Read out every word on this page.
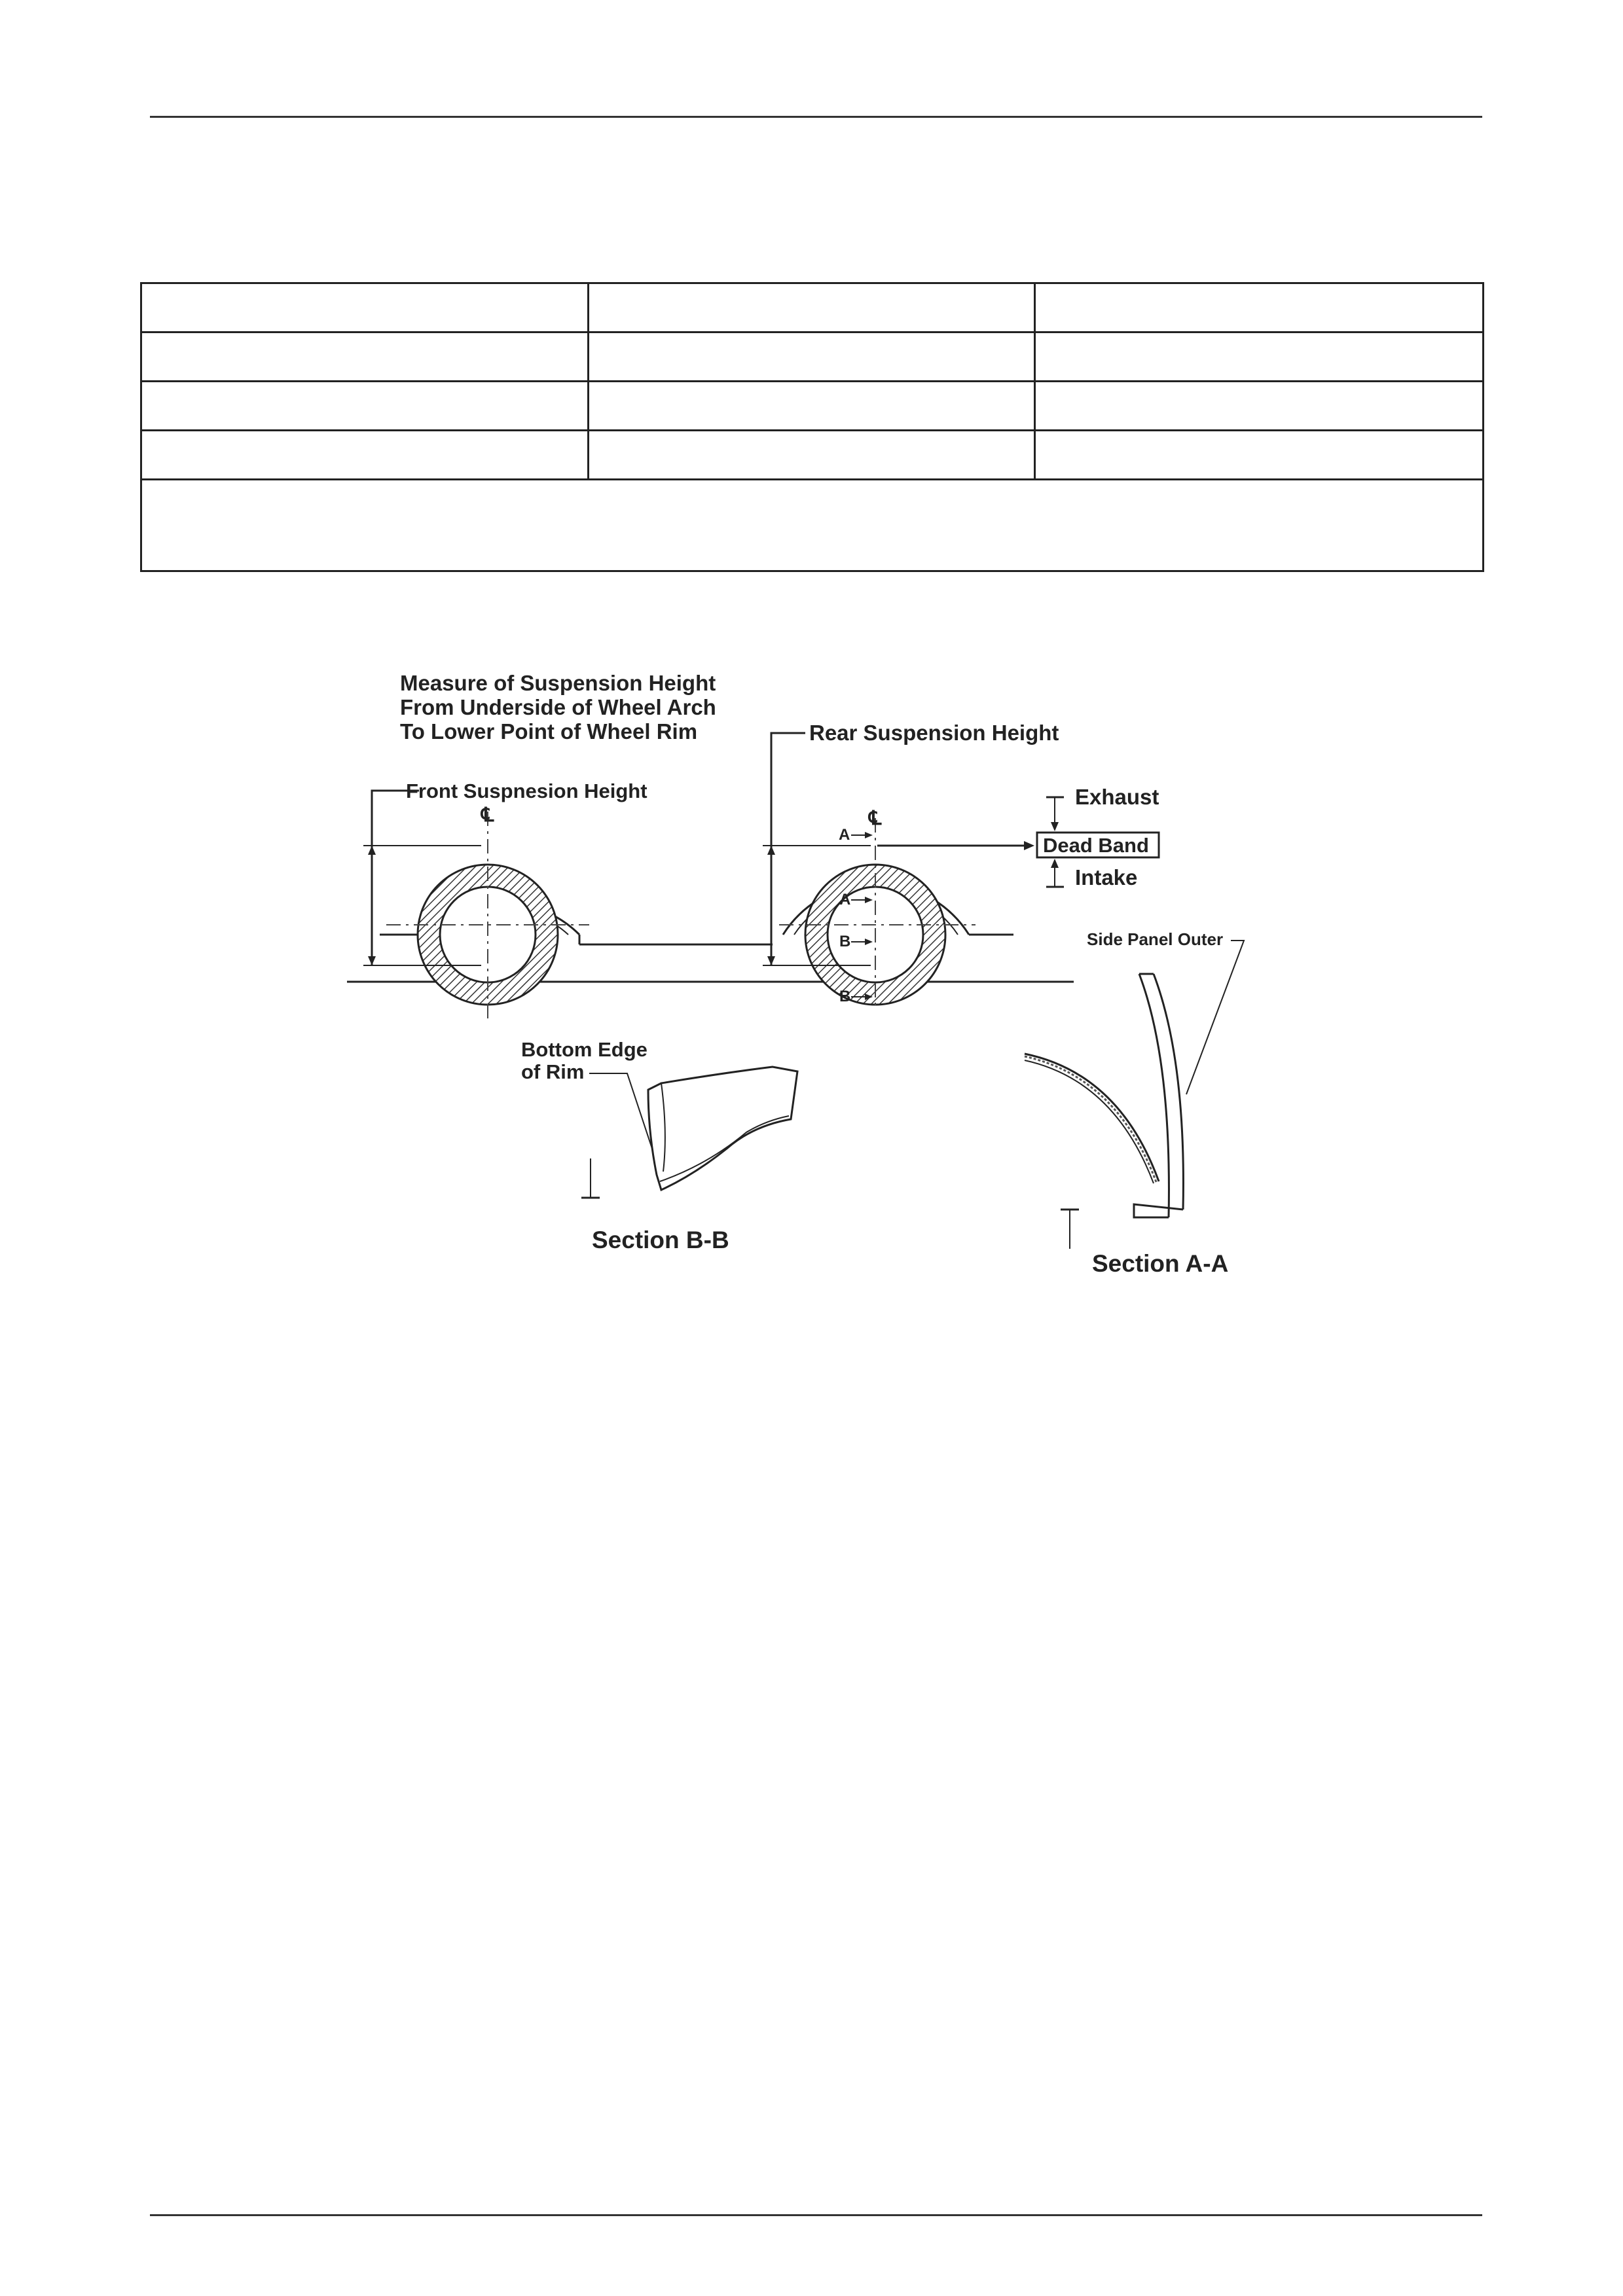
Measure of Suspension Height
From Underside of Wheel Arch
To Lower Point of Wheel Rim
℄
Front Suspnesion Height
℄
Rear Suspension Height
A
A
B
B
Dead Band
Exhaust
Intake
Bottom Edge
of Rim
Section B-B
Side Panel Outer
Section A-A
